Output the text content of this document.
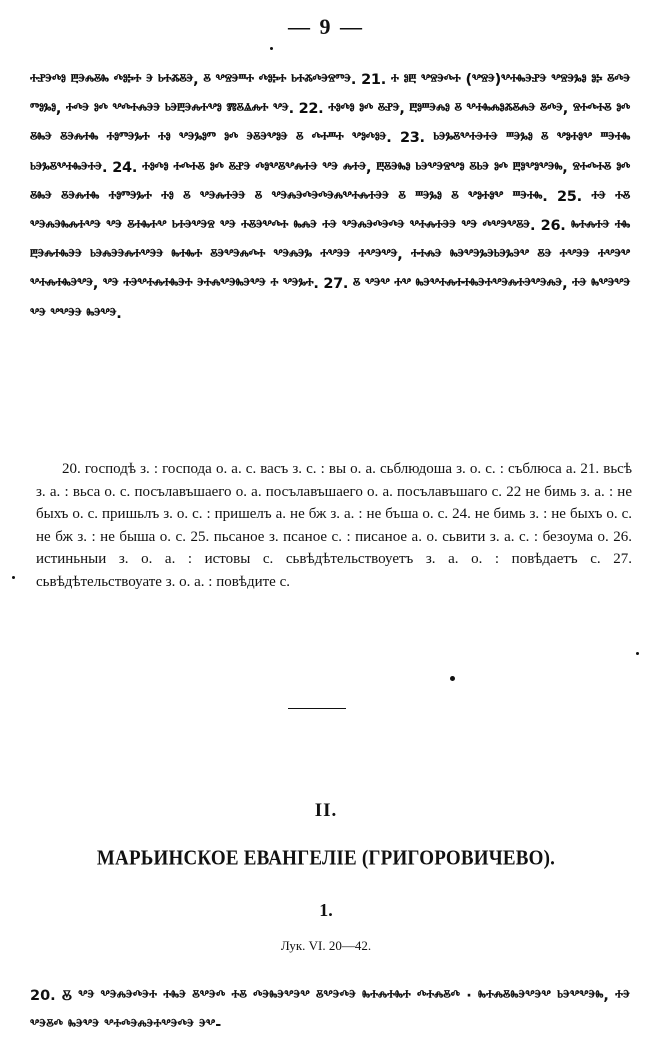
— 9 —
ⰰⱀⰵⰴⱁ ⰱⰵⰾⰻⰸ ⰴⱁⰽⰰ ⰵ ⱃⰰⰶⰻⰵ, ⰻ ⰲⱄⰵⱎⰰ ⰴⱁⰽⰰ ⱃⰰⰶⰴⰵⱄⱅⰵ. 21. ⰰ ⱁⰱ ⰲⱄⰵⰴⰰ (ⰲⱄⰵ)ⰲⰰⰸⰵⱀⰵ ⰲⱄⰵⰳⱁ ⱁⰽ ⰻⰴⰵ ⱅⱁⰳⱁ, ⰰⰴⰵ ⱁⰴ ⰲⰴⰰⰾⰵⰵ ⱃⰵⰱⰵⰾⰰⰲⱁ ⰿⰻⱑⰾⰰ ⰲⰵ. 22. ⰰⱁⰴⱁ ⱁⰴ ⰻⱀⰵ, ⰱⱁⱎⰵⰾⱁ ⰻ ⰲⰰⰸⰾⱁⰶⰻⰾⰵ ⰻⰴⰵ, ⱄⰰⰴⰰⰻ ⱁⰴ ⰻⰸⰵ ⰻⰵⰾⰰⰸ ⰰⱁⱅⰵⰳⰰ ⰰⱁ ⰲⰵⰳⱁⱅ ⱁⰴ ⰵⰻⰵⰲⱁⰵ ⰻ ⰴⰰⱎⰰ ⰲⱁⰴⱁⰵ. 23. ⱃⰵⰳⰻⰲⰰⰵⰰⰵ ⱎⰵⰳⱁ ⰻ ⰲⱁⰰⱁⰲ ⱎⰵⰰⰸ ⱃⰵⰳⰻⰲⰰⰸⰵⰰⰵ. 24. ⰰⱁⰴⱁ ⰰⰴⰰⰻ ⱁⰴ ⰻⱀⰵ ⰴⱁⰲⰻⰲⰾⰰⰵ ⰲⰵ ⰾⰰⰵ, ⰱⰻⰵⰸⱁ ⱃⰵⰲⰵⱄⰲⱁ ⰻⱃⰵ ⱁⰴ ⰱⱁⰲⱁⰲⰵⰸ, ⱄⰰⰴⰰⰻ ⱁⰴ ⰻⰸⰵ ⰻⰵⰾⰰⰸ ⰰⱁⱅⰵⰳⰰ ⰰⱁ ⰻ ⰲⰵⰾⰰⰵⰵ ⰻ ⰲⰵⰾⰵⰴⰵⰴⰵⰾⰲⰰⰾⰰⰵⰵ ⰻ ⱎⰵⰳⱁ ⰻ ⰲⱁⰰⱁⰲ ⱎⰵⰰⰸ. 25. ⰰⰵ ⰰⰻ ⰲⰵⰾⰵⰸⰾⰰⰲⰵ ⰲⰵ ⰻⰰⰸⰰⰲ ⱃⰰⰵⰲⰵⱄ ⰲⰵ ⰰⰻⰵⰲⰴⰰ ⰸⰾⰵ ⰰⰵ ⰲⰵⰾⰵⰴⰵⰴⰵ ⰲⰰⰾⰰⰵⰵ ⰲⰵ ⰴⰲⰵⰲⰻⰵ. 26. ⰸⰰⰾⰰⰵ ⰰⰸ ⰱⰵⰾⰰⰸⰵⰵ ⱃⰵⰾⰵⰵⰾⰰⰲⰵⰵ ⰸⰰⰸⰰ ⰻⰵⰲⰵⰾⰴⰰ ⰲⰵⰾⰵⰳ ⰰⰲⰵⰵ ⰰⰲⰵⰲⰵ, ⰰⰰⰾⰵ ⰸⰵⰲⰵⰳⰵⱃⰵⰳⰵⰲ ⰻⰵ ⰰⰲⰵⰵ ⰰⰲⰵⰲ ⰲⰰⰾⰰⰸⰵⰲⰵ, ⰲⰵ ⰰⰵⰲⰰⰾⰰⰸⰵⰰ ⰵⰰⰾⰲⰵⰸⰵⰲⰵ ⰰ ⰲⰵⰳⰰ. 27. ⰻ ⰲⰵⰲ ⰰⰲ ⰸⰵⰲⰰⰾⰰⰰⰸⰵⰰⰲⰵⰾⰰⰵⰲⰵⰾⰵ, ⰰⰵ ⰸⰲⰵⰲⰵ ⰲⰵ ⰲⰲⰵⰵ ⰸⰵⰲⰵ.

20. господѣ з. : господа о. а. с. васъ з. с. : вы о. а. сьблюдоша з. о. с. : съблюса а. 21. вьсѣ з. а. : вьса о. с. посълавъшаего о. а. посълавъшаего о. а. посълавъшаго с. 22 не бимь з. а. : не быхъ о. с. пришьлъ з. о. с. : пришелъ а. не бж з. а. : не бъша о. с. 24. не бимь з. : не быхъ о. с. не бж з. : не быша о. с. 25. пьсаное з. псаное с. : писаное а. о. сьвити з. а. с. : безоума о. 26. истиньныи з. о. а. : истовы с. сьвѣдѣтельствоуетъ з. а. о. : повѣдаетъ с. 27. сьвѣдѣтельствоуате з. о. а. : повѣдите с.

II.
МАРЬИНСКОЕ ЕВАНГЕЛІЕ (ГРИГОРОВИЧЕВО).
1.
Лук. VI. 20—42.
20. Ⰻ ⰲⰵ ⰲⰵⰾⰵⰴⰵⰰ ⰰⰸⰵ ⰻⰲⰵⰴ ⰰⰻ ⰴⰵⰸⰵⰲⰵⰲ ⰻⰲⰵⰴⰵ ⰸⰰⰾⰰⰸⰰ ⰴⰰⰾⰻⰴ · ⰸⰰⰾⰻⰸⰵⰲⰵⰲ ⱃⰵⰲⰲⰵⰸ, ⰰⰵ ⰲⰵⰻⰴ ⰸⰵⰲⰵ ⰲⰰⰴⰵⰾⰵⰰⰲⰵⰴⰵ ⰵⰲ-
